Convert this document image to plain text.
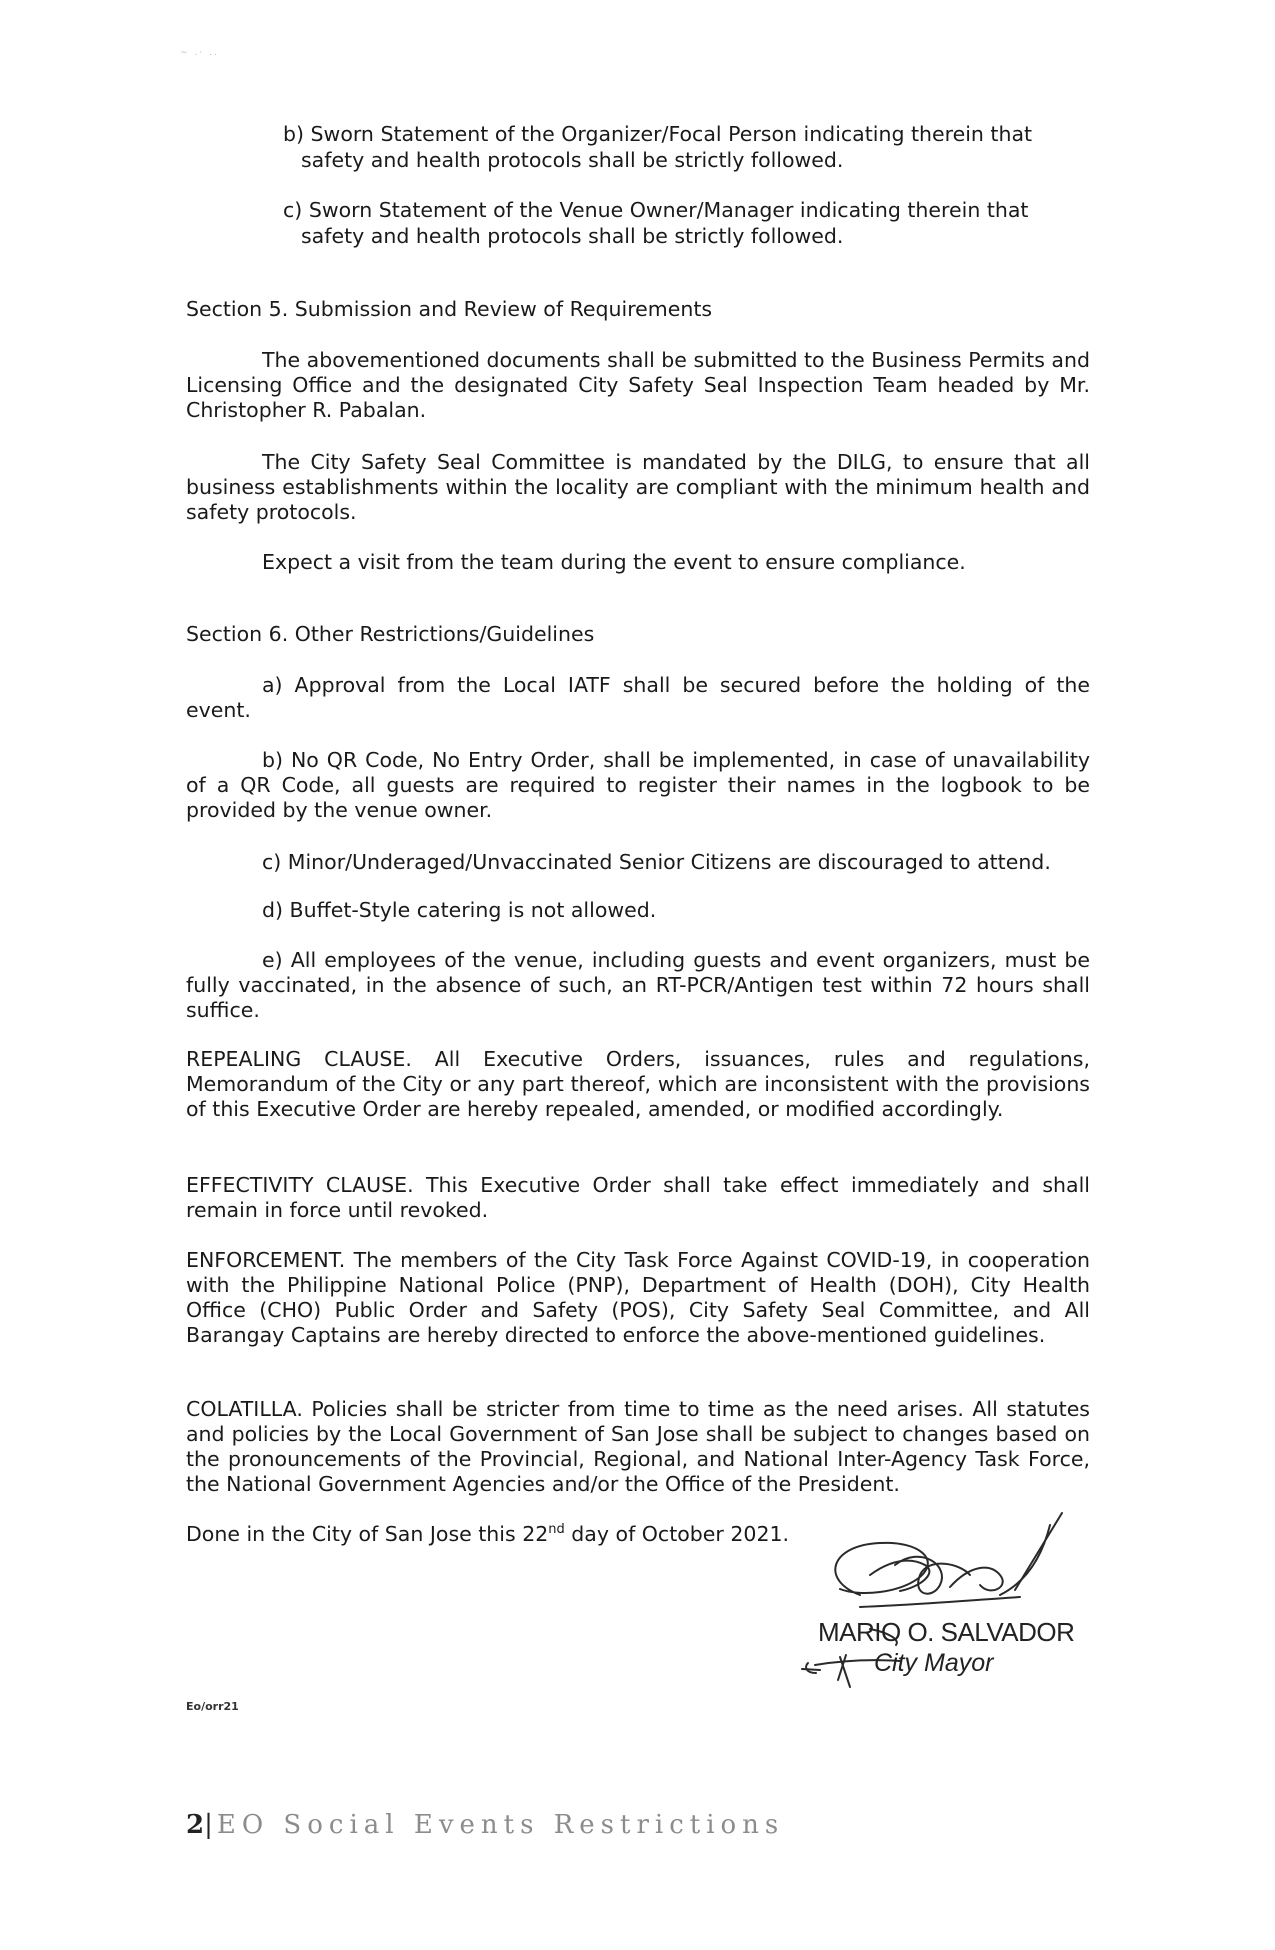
~ .· ..
b) Sworn Statement of the Organizer/Focal Person indicating therein that
safety and health protocols shall be strictly followed.
c) Sworn Statement of the Venue Owner/Manager indicating therein that
safety and health protocols shall be strictly followed.
Section 5. Submission and Review of Requirements

The abovementioned documents shall be submitted to the Business Permits and Licensing Office and the designated City Safety Seal Inspection Team headed by Mr. Christopher R. Pabalan.

The City Safety Seal Committee is mandated by the DILG, to ensure that all business establishments within the locality are compliant with the minimum health and safety protocols.

Expect a visit from the team during the event to ensure compliance.

Section 6. Other Restrictions/Guidelines

a) Approval from the Local IATF shall be secured before the holding of the event.

b) No QR Code, No Entry Order, shall be implemented, in case of unavailability of a QR Code, all guests are required to register their names in the logbook to be provided by the venue owner.

c) Minor/Underaged/Unvaccinated Senior Citizens are discouraged to attend.

d) Buffet-Style catering is not allowed.

e) All employees of the venue, including guests and event organizers, must be fully vaccinated, in the absence of such, an RT-PCR/Antigen test within 72 hours shall suffice.

REPEALING CLAUSE. All Executive Orders, issuances, rules and regulations, Memorandum of the City or any part thereof, which are inconsistent with the provisions of this Executive Order are hereby repealed, amended, or modified accordingly.

EFFECTIVITY CLAUSE. This Executive Order shall take effect immediately and shall remain in force until revoked.

ENFORCEMENT. The members of the City Task Force Against COVID-19, in cooperation with the Philippine National Police (PNP), Department of Health (DOH), City Health Office (CHO) Public Order and Safety (POS), City Safety Seal Committee, and All Barangay Captains are hereby directed to enforce the above-mentioned guidelines.

COLATILLA. Policies shall be stricter from time to time as the need arises. All statutes and policies by the Local Government of San Jose shall be subject to changes based on the pronouncements of the Provincial, Regional, and National Inter-Agency Task Force, the National Government Agencies and/or the Office of the President.

Done in the City of San Jose this 22nd day of October 2021.
MARIO O. SALVADOR
City Mayor
Eo/orr21
2| EO Social Events Restrictions
